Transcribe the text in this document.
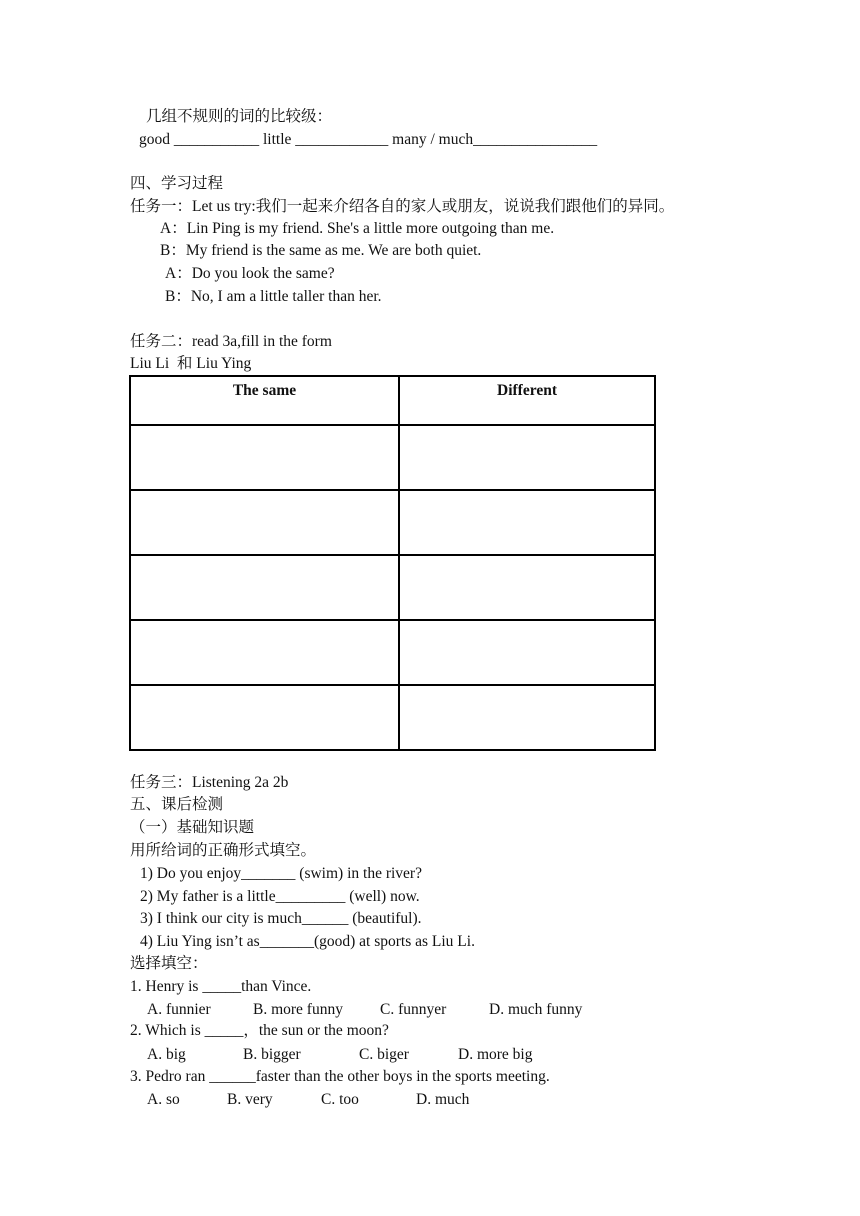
几组不规则的词的比较级：
good ___________ little ____________ many / much________________
四、学习过程
任务一：Let us try:我们一起来介绍各自的家人或朋友，说说我们跟他们的异同。
A：Lin Ping is my friend. She's a little more outgoing than me.
B：My friend is the same as me. We are both quiet.
A：Do you look the same?
B：No, I am a little taller than her.
任务二：read 3a,fill in the form
Liu Li  和 Liu Ying
The same	Different

任务三：Listening 2a 2b
五、课后检测
（一）基础知识题
用所给词的正确形式填空。
1) Do you enjoy_______ (swim) in the river?
2) My father is a little_________ (well) now.
3) I think our city is much______ (beautiful).
4) Liu Ying isn’t as_______(good) at sports as Liu Li.
选择填空：
1. Henry is _____than Vince.
A. funnier	B. more funny C. funnyer	D. much funny
2. Which is _____，the sun or the moon?
A. big	B. bigger	C. biger	D. more big
3. Pedro ran ______faster than the other boys in the sports meeting.
A. so	B. very	C. too	D. much
